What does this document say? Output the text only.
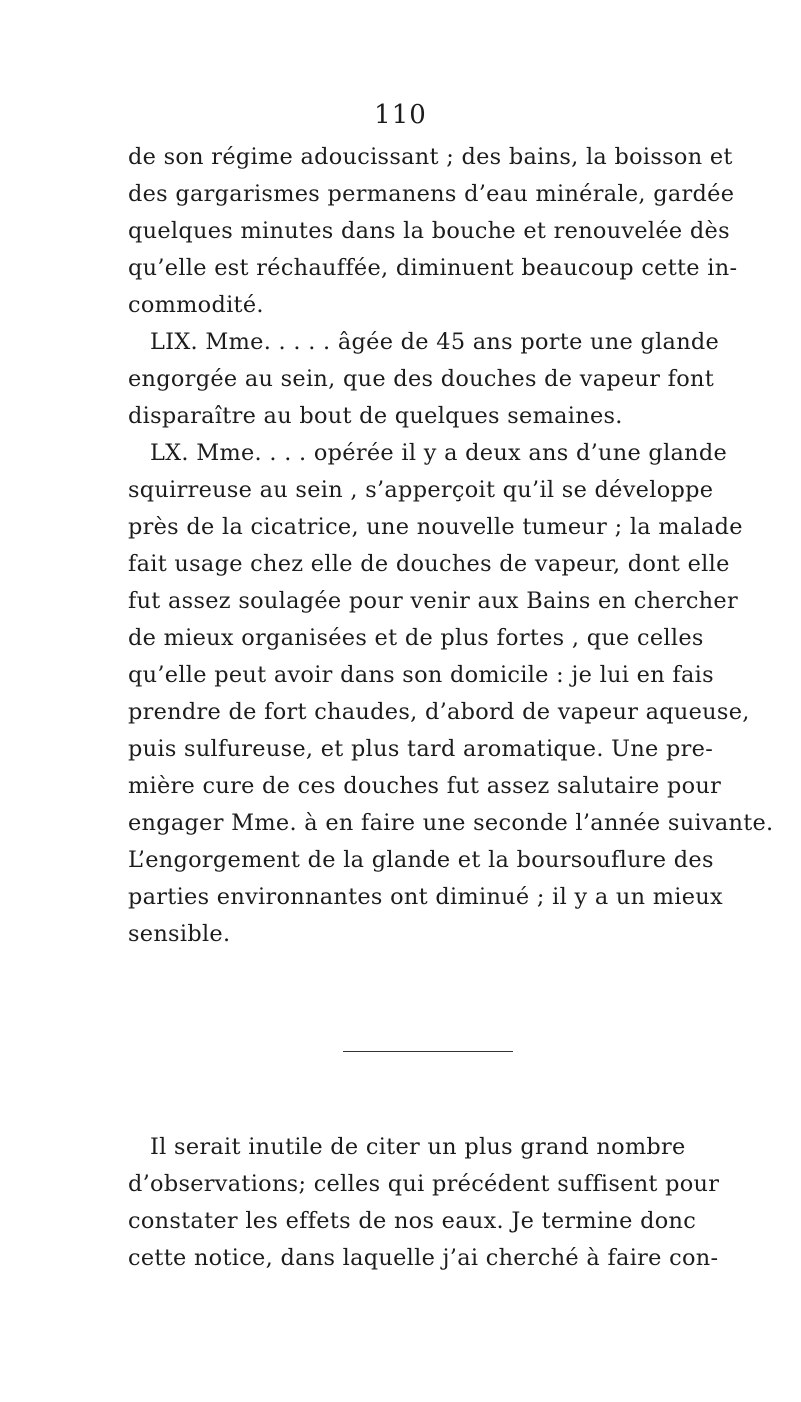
110
de son régime adoucissant ; des bains, la boisson et
des gargarismes permanens d’eau minérale, gardée
quelques minutes dans la bouche et renouvelée dès
qu’elle est réchauffée, diminuent beaucoup cette in-
commodité.
LIX. Mme. . . . . âgée de 45 ans porte une glande
engorgée au sein, que des douches de vapeur font
disparaître au bout de quelques semaines.
LX. Mme. . . . opérée il y a deux ans d’une glande
squirreuse au sein , s’apperçoit qu’il se développe
près de la cicatrice, une nouvelle tumeur ; la malade
fait usage chez elle de douches de vapeur, dont elle
fut assez soulagée pour venir aux Bains en chercher
de mieux organisées et de plus fortes , que celles
qu’elle peut avoir dans son domicile : je lui en fais
prendre de fort chaudes, d’abord de vapeur aqueuse,
puis sulfureuse, et plus tard aromatique. Une pre-
mière cure de ces douches fut assez salutaire pour
engager Mme. à en faire une seconde l’année suivante.
L’engorgement de la glande et la boursouflure des
parties environnantes ont diminué ; il y a un mieux
sensible.
Il serait inutile de citer un plus grand nombre
d’observations; celles qui précédent suffisent pour
constater les effets de nos eaux. Je termine donc
cette notice, dans laquelle j’ai cherché à faire con-
